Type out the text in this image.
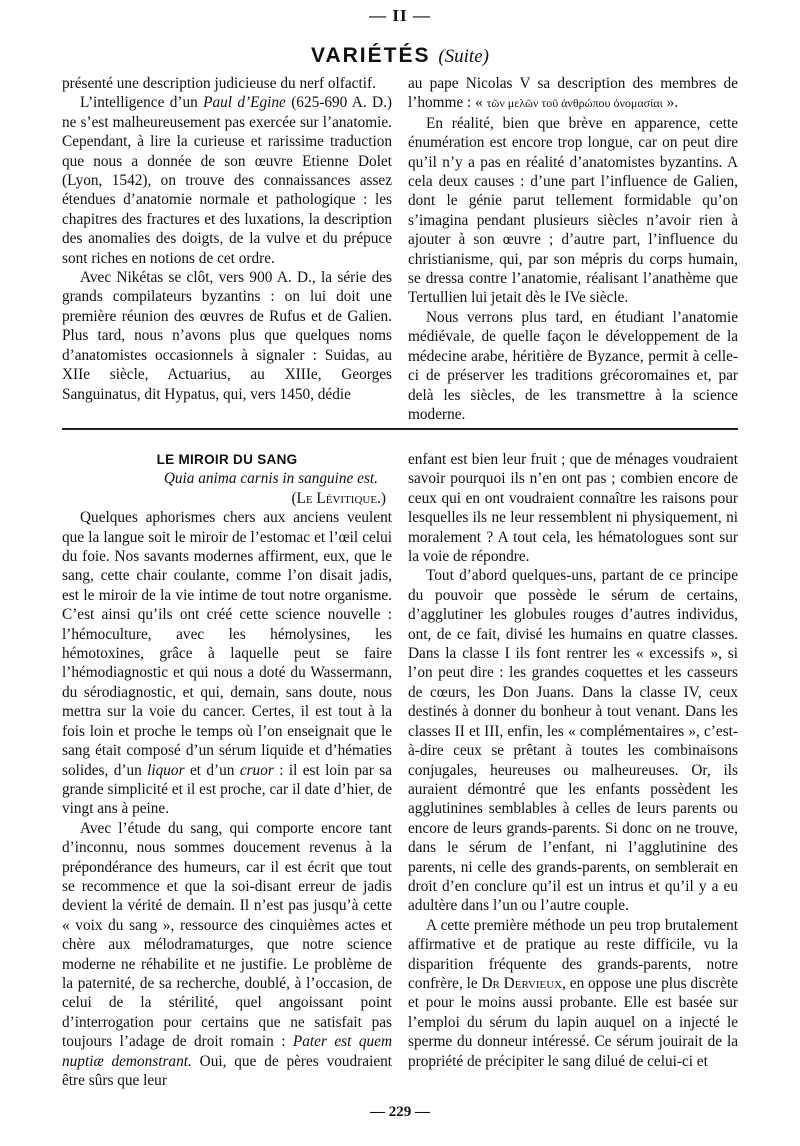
— II —
VARIÉTÉS (Suite)

présenté une description judicieuse du nerf olfactif.

L’intelligence d’un Paul d’Egine (625-690 A. D.) ne s’est malheureusement pas exercée sur l’anatomie. Cependant, à lire la curieuse et rarissime traduction que nous a donnée de son œuvre Etienne Dolet (Lyon, 1542), on trouve des connaissances assez étendues d’anatomie normale et pathologique : les chapitres des fractures et des luxations, la description des anomalies des doigts, de la vulve et du prépuce sont riches en notions de cet ordre.

Avec Nikétas se clôt, vers 900 A. D., la série des grands compilateurs byzantins : on lui doit une première réunion des œuvres de Rufus et de Galien. Plus tard, nous n’avons plus que quelques noms d’anatomistes occasionnels à signaler : Suidas, au XIIe siècle, Actuarius, au XIIIe, Georges Sanguinatus, dit Hypatus, qui, vers 1450, dédie

au pape Nicolas V sa description des membres de l’homme : « τῶν μελῶν τοῦ ἀνθρώπου ὀνομασίαι ».

En réalité, bien que brève en apparence, cette énumération est encore trop longue, car on peut dire qu’il n’y a pas en réalité d’anatomistes byzantins. A cela deux causes : d’une part l’influence de Galien, dont le génie parut tellement formidable qu’on s’imagina pendant plusieurs siècles n’avoir rien à ajouter à son œuvre ; d’autre part, l’influence du christianisme, qui, par son mépris du corps humain, se dressa contre l’anatomie, réalisant l’anathème que Tertullien lui jetait dès le IVe siècle.

Nous verrons plus tard, en étudiant l’anatomie médiévale, de quelle façon le développement de la médecine arabe, héritière de Byzance, permit à celle-ci de préserver les traditions grécoromaines et, par delà les siècles, de les transmettre à la science moderne.

LE MIROIR DU SANG

Quia anima carnis in sanguine est.

(Le Lévitique.)

Quelques aphorismes chers aux anciens veulent que la langue soit le miroir de l’estomac et l’œil celui du foie. Nos savants modernes affirment, eux, que le sang, cette chair coulante, comme l’on disait jadis, est le miroir de la vie intime de tout notre organisme. C’est ainsi qu’ils ont créé cette science nouvelle : l’hémoculture, avec les hémolysines, les hémotoxines, grâce à laquelle peut se faire l’hémodiagnostic et qui nous a doté du Wassermann, du sérodiagnostic, et qui, demain, sans doute, nous mettra sur la voie du cancer. Certes, il est tout à la fois loin et proche le temps où l’on enseignait que le sang était composé d’un sérum liquide et d’hématies solides, d’un liquor et d’un cruor : il est loin par sa grande simplicité et il est proche, car il date d’hier, de vingt ans à peine.

Avec l’étude du sang, qui comporte encore tant d’inconnu, nous sommes doucement revenus à la prépondérance des humeurs, car il est écrit que tout se recommence et que la soi-disant erreur de jadis devient la vérité de demain. Il n’est pas jusqu’à cette « voix du sang », ressource des cinquièmes actes et chère aux mélodramaturges, que notre science moderne ne réhabilite et ne justifie. Le problème de la paternité, de sa recherche, doublé, à l’occasion, de celui de la stérilité, quel angoissant point d’interrogation pour certains que ne satisfait pas toujours l’adage de droit romain : Pater est quem nuptiæ demonstrant. Oui, que de pères voudraient être sûrs que leur

enfant est bien leur fruit ; que de ménages voudraient savoir pourquoi ils n’en ont pas ; combien encore de ceux qui en ont voudraient connaître les raisons pour lesquelles ils ne leur ressemblent ni physiquement, ni moralement ? A tout cela, les hématologues sont sur la voie de répondre.

Tout d’abord quelques-uns, partant de ce principe du pouvoir que possède le sérum de certains, d’agglutiner les globules rouges d’autres individus, ont, de ce fait, divisé les humains en quatre classes. Dans la classe I ils font rentrer les « excessifs », si l’on peut dire : les grandes coquettes et les casseurs de cœurs, les Don Juans. Dans la classe IV, ceux destinés à donner du bonheur à tout venant. Dans les classes II et III, enfin, les « complémentaires », c’est-à-dire ceux se prêtant à toutes les combinaisons conjugales, heureuses ou malheureuses. Or, ils auraient démontré que les enfants possèdent les agglutinines semblables à celles de leurs parents ou encore de leurs grands-parents. Si donc on ne trouve, dans le sérum de l’enfant, ni l’agglutinine des parents, ni celle des grands-parents, on semblerait en droit d’en conclure qu’il est un intrus et qu’il y a eu adultère dans l’un ou l’autre couple.

A cette première méthode un peu trop brutalement affirmative et de pratique au reste difficile, vu la disparition fréquente des grands-parents, notre confrère, le Dr Dervieux, en oppose une plus discrète et pour le moins aussi probante. Elle est basée sur l’emploi du sérum du lapin auquel on a injecté le sperme du donneur intéressé. Ce sérum jouirait de la propriété de précipiter le sang dilué de celui-ci et

— 229 —
